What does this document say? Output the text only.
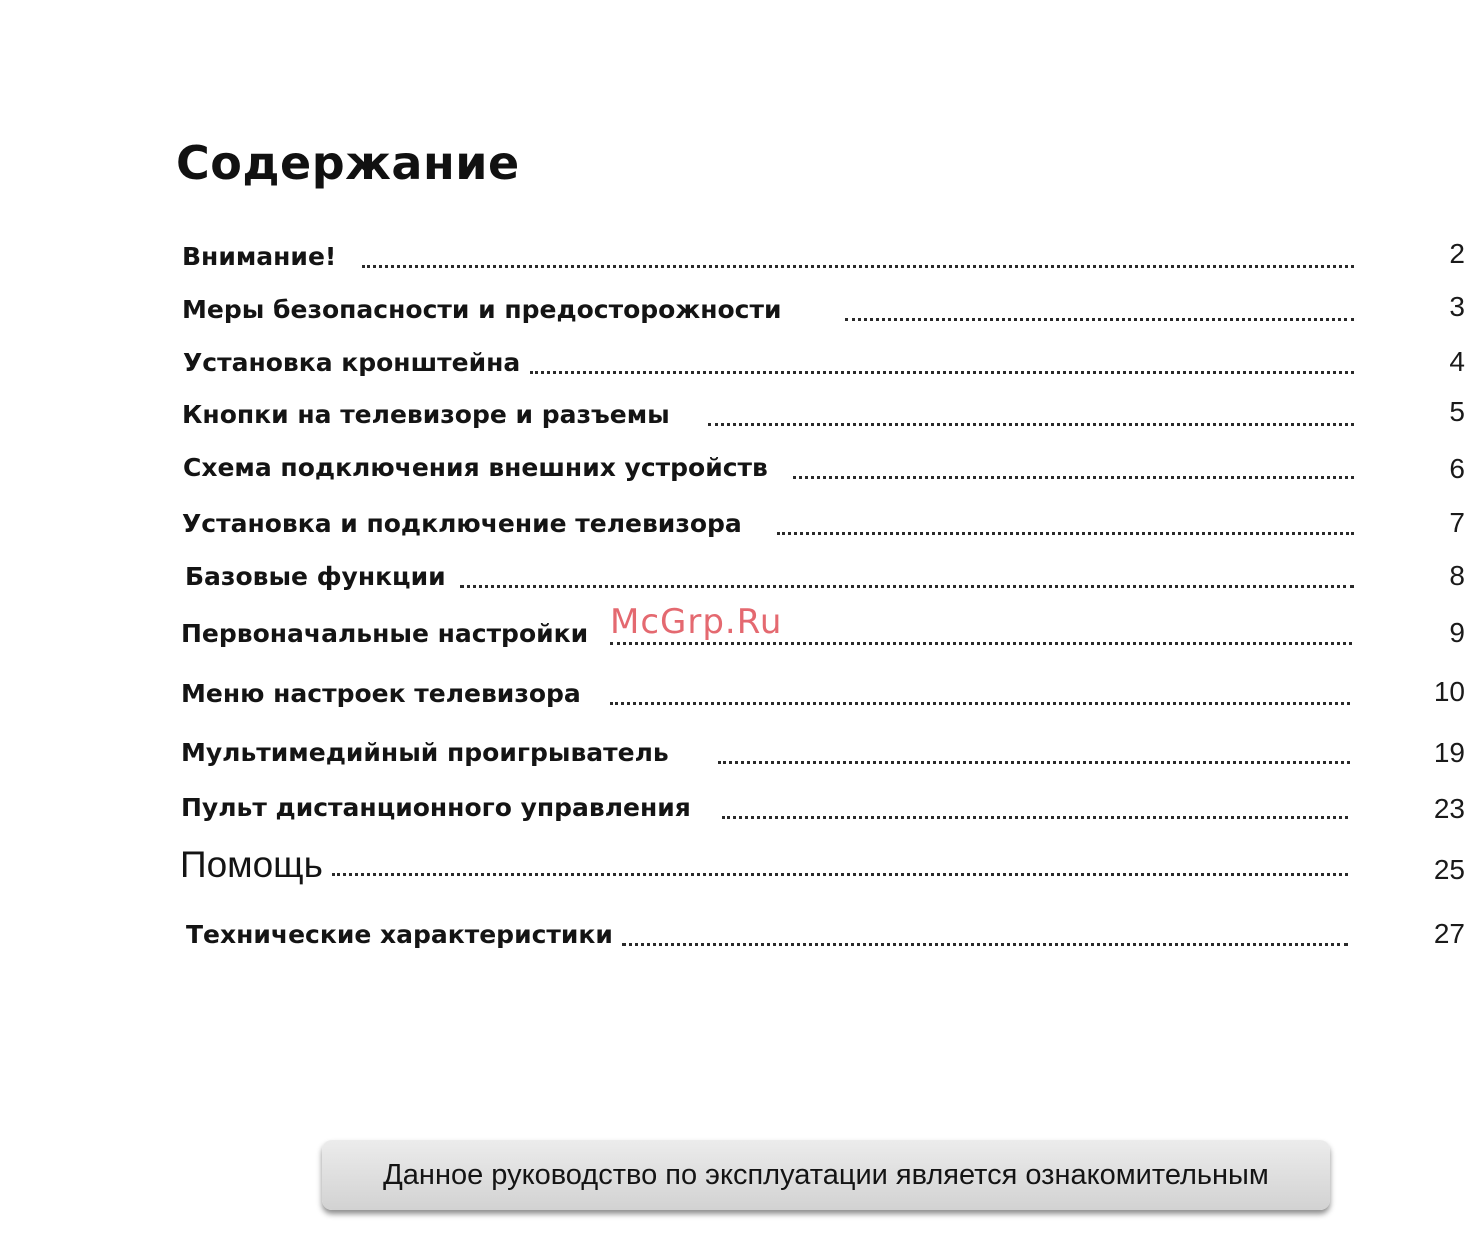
Содержание
Внимание!	2
Меры безопасности и предосторожности	3
Установка кронштейна	4
Кнопки на телевизоре и разъемы	5
Схема подключения внешних устройств	6
Установка и подключение телевизора	7
Базовые функции	8
Первоначальные настройки	9
Меню настроек телевизора	10
Мультимедийный проигрыватель	19
Пульт дистанционного управления	23
Помощь	25
Технические характеристики	27
McGrp.Ru
Данное руководство по эксплуатации является ознакомительным
